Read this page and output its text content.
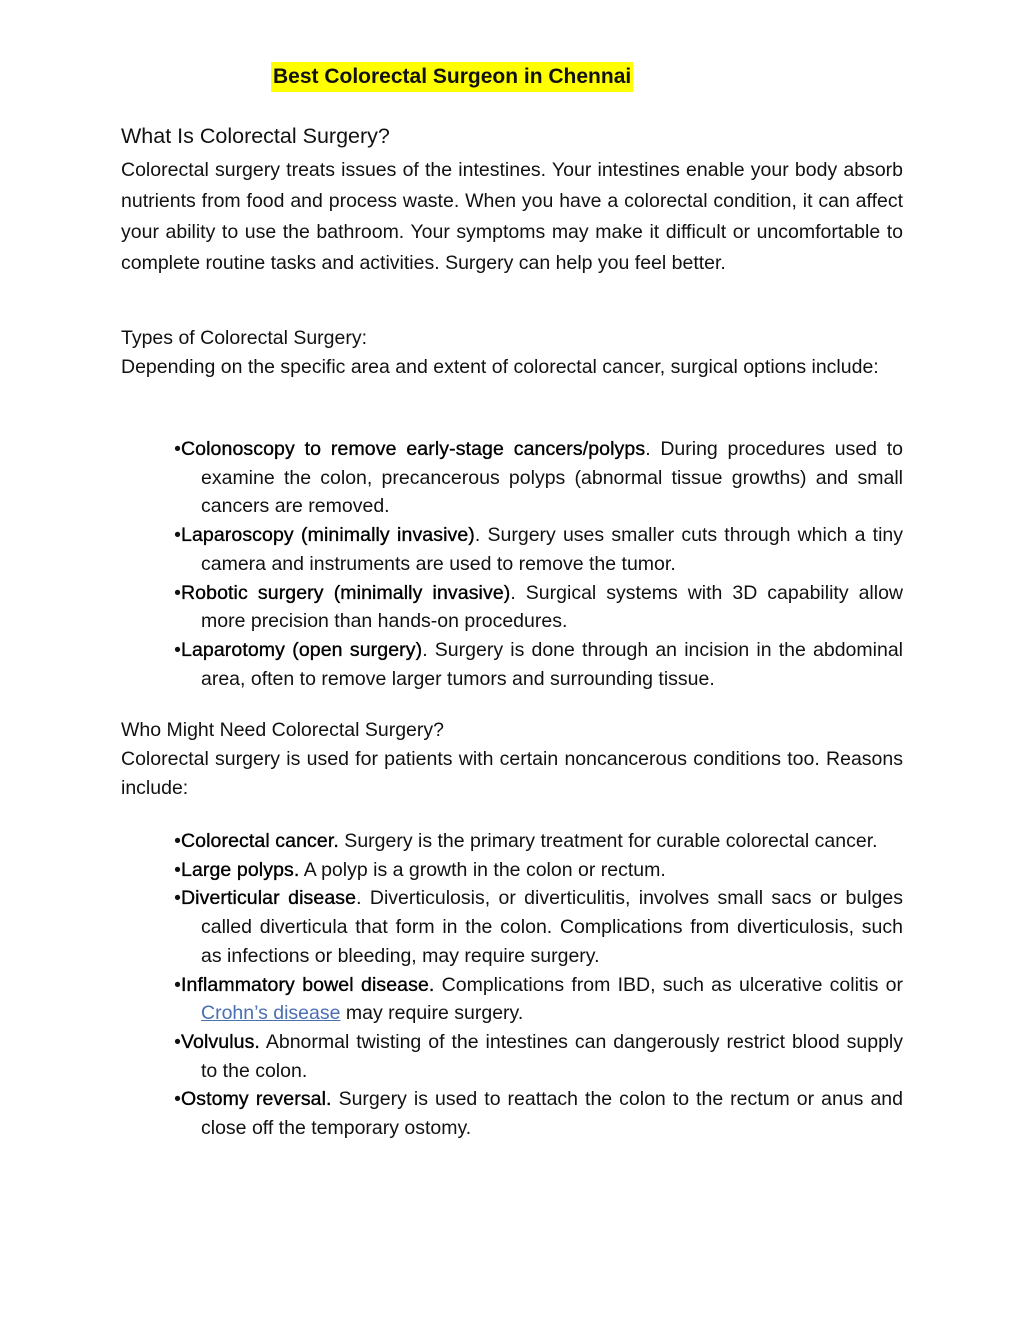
Best Colorectal Surgeon in Chennai
What Is Colorectal Surgery?

Colorectal surgery treats issues of the intestines. Your intestines enable your body absorb nutrients from food and process waste. When you have a colorectal condition, it can affect your ability to use the bathroom. Your symptoms may make it difficult or uncomfortable to complete routine tasks and activities. Surgery can help you feel better.

Types of Colorectal Surgery:

Depending on the specific area and extent of colorectal cancer, surgical options include:

• Colonoscopy to remove early-stage cancers/polyps. During procedures used to examine the colon, precancerous polyps (abnormal tissue growths) and small cancers are removed.
• Laparoscopy (minimally invasive). Surgery uses smaller cuts through which a tiny camera and instruments are used to remove the tumor.
• Robotic surgery (minimally invasive). Surgical systems with 3D capability allow more precision than hands-on procedures.
• Laparotomy (open surgery). Surgery is done through an incision in the abdominal area, often to remove larger tumors and surrounding tissue.

Who Might Need Colorectal Surgery?

Colorectal surgery is used for patients with certain noncancerous conditions too. Reasons include:

• Colorectal cancer. Surgery is the primary treatment for curable colorectal cancer.
• Large polyps. A polyp is a growth in the colon or rectum.
• Diverticular disease. Diverticulosis, or diverticulitis, involves small sacs or bulges called diverticula that form in the colon. Complications from diverticulosis, such as infections or bleeding, may require surgery.
• Inflammatory bowel disease. Complications from IBD, such as ulcerative colitis or Crohn’s disease may require surgery.
• Volvulus. Abnormal twisting of the intestines can dangerously restrict blood supply to the colon.
• Ostomy reversal. Surgery is used to reattach the colon to the rectum or anus and close off the temporary ostomy.
